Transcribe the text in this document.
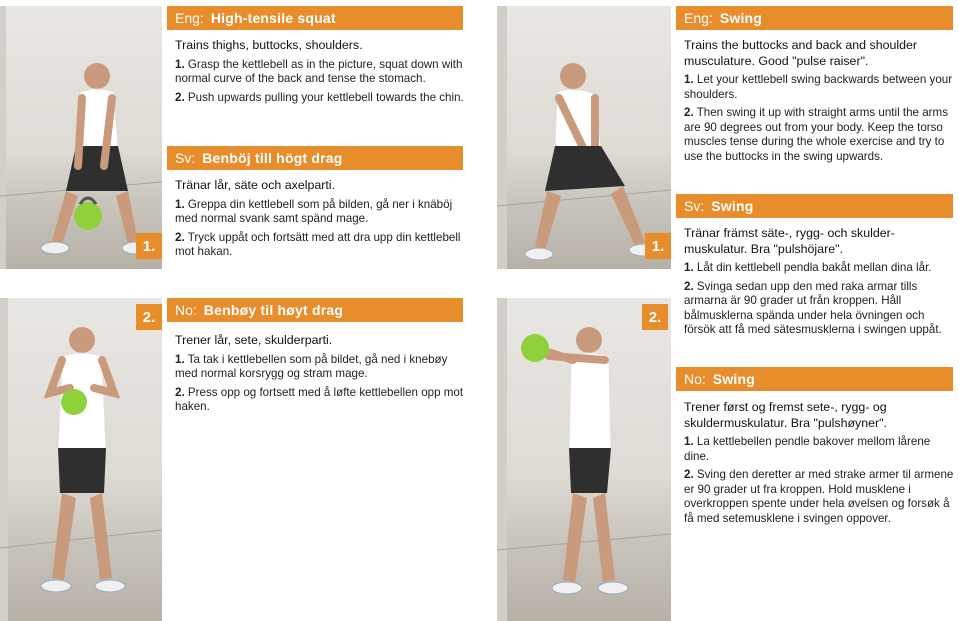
1.
2.
Eng: High-tensile squat

Trains thighs, buttocks, shoulders.

1. Grasp the kettlebell as in the picture, squat down with normal curve of the back and tense the stomach.

2. Push upwards pulling your kettlebell towards the chin.

Sv: Benböj till högt drag

Tränar lår, säte och axelparti.

1. Greppa din kettlebell som på bilden, gå ner i knäböj med normal svank samt spänd mage.

2. Tryck uppåt och fortsätt med att dra upp din kettlebell mot hakan.

No: Benbøy til høyt drag

Trener lår, sete, skulderparti.

1. Ta tak i kettlebellen som på bildet, gå ned i knebøy med normal korsrygg og stram mage.

2. Press opp og fortsett med å løfte kettlebellen opp mot haken.

1.
2.
Eng: Swing

Trains the buttocks and back and shoulder musculature. Good "pulse raiser".

1. Let your kettlebell swing backwards between your shoulders.

2. Then swing it up with straight arms until the arms are 90 degrees out from your body. Keep the torso muscles tense during the whole exercise and try to use the buttocks in the swing upwards.

Sv: Swing

Tränar främst säte-, rygg- och skulder-muskulatur. Bra "pulshöjare".

1. Låt din kettlebell pendla bakåt mellan dina lår.

2. Svinga sedan upp den med raka armar tills armarna är 90 grader ut från kroppen. Håll bålmusklerna spända under hela övningen och försök att få med sätesmusklerna i swingen uppåt.

No: Swing

Trener først og fremst sete-, rygg- og skuldermuskulatur. Bra "pulshøyner".

1. La kettlebellen pendle bakover mellom lårene dine.

2. Sving den deretter ar med strake armer til armene er 90 grader ut fra kroppen. Hold musklene i overkroppen spente under hela øvelsen og forsøk å få med setemusklene i svingen oppover.
